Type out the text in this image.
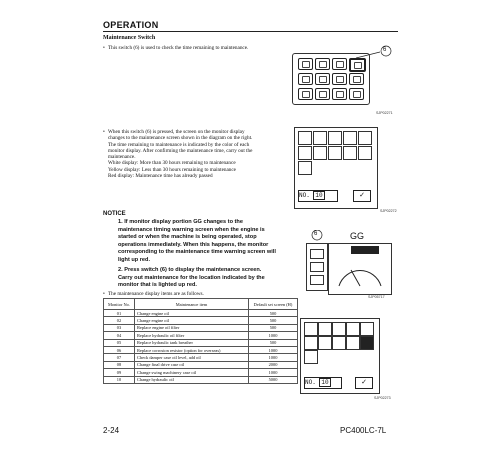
OPERATION
Maintenance Switch
• This switch (6) is used to check the time remaining to maintenance.	6
SJP02271
• When this switch (6) is pressed, the screen on the monitor display
changes to the maintenance screen shown in the diagram on the right.
The time remaining to maintenance is indicated by the color of each
monitor display. After confirming the maintenance time, carry out the
maintenance.
White display: More than 30 hours remaining to maintenance
Yellow display: Less than 30 hours remaining to maintenance
Red display: Maintenance time has already passed
NO. 10	✓
SJP02272
NOTICE
1. If monitor display portion GG changes to the
maintenance timing warning screen when the engine is
started or when the machine is being operated, stop
operations immediately. When this happens, the monitor
corresponding to the maintenance time warning screen will
light up red.
2. Press switch (6) to display the maintenance screen.
Carry out maintenance for the location indicated by the
monitor that is lighted up red.
6	GG
SJP05717
• The maintenance display items are as follows.
Monitor No.	Maintenance item	Default set screen (H)
01	Change engine oil	500
02	Change engine oil	500
03	Replace engine oil filter	500
04	Replace hydraulic oil filter	1000
05	Replace hydraulic tank breather	500
06	Replace corrosion resistor (option for overseas)	1000
07	Check damper case oil level, add oil	1000
08	Change final drive case oil	2000
09	Change swing machinery case oil	1000
10	Change hydraulic oil	5000	NO. 10	✓
SJP02273
2-24	PC400LC-7L
